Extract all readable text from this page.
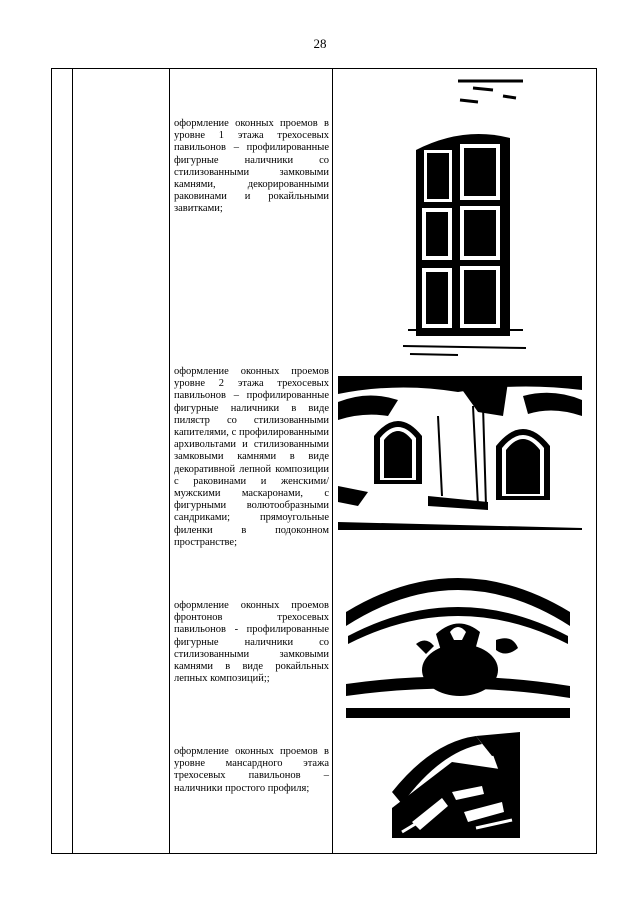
28
оформление оконных проемов в уровне 1 этажа трехосевых павильонов – профилированные фигурные наличники со стилизованными замковыми камнями, декорированными раковинами и рокайльными завитками;
оформление оконных проемов уровне 2 этажа трехосевых павильонов – профилированные фигурные наличники в виде пилястр со стилизованными капителями, с профилированными архивольтами и стилизованными замковыми камнями в виде декоративной лепной композиции с раковинами и женскими/мужскими маскаронами, с фигурными волютообразными сандриками; прямоугольные филенки в подоконном пространстве;
оформление оконных проемов фронтонов трехосевых павильонов - профилированные фигурные наличники со стилизованными замковыми камнями в виде рокайльных лепных композиций;;
оформление оконных проемов в уровне мансардного этажа трехосевых павильонов – наличники простого профиля;
